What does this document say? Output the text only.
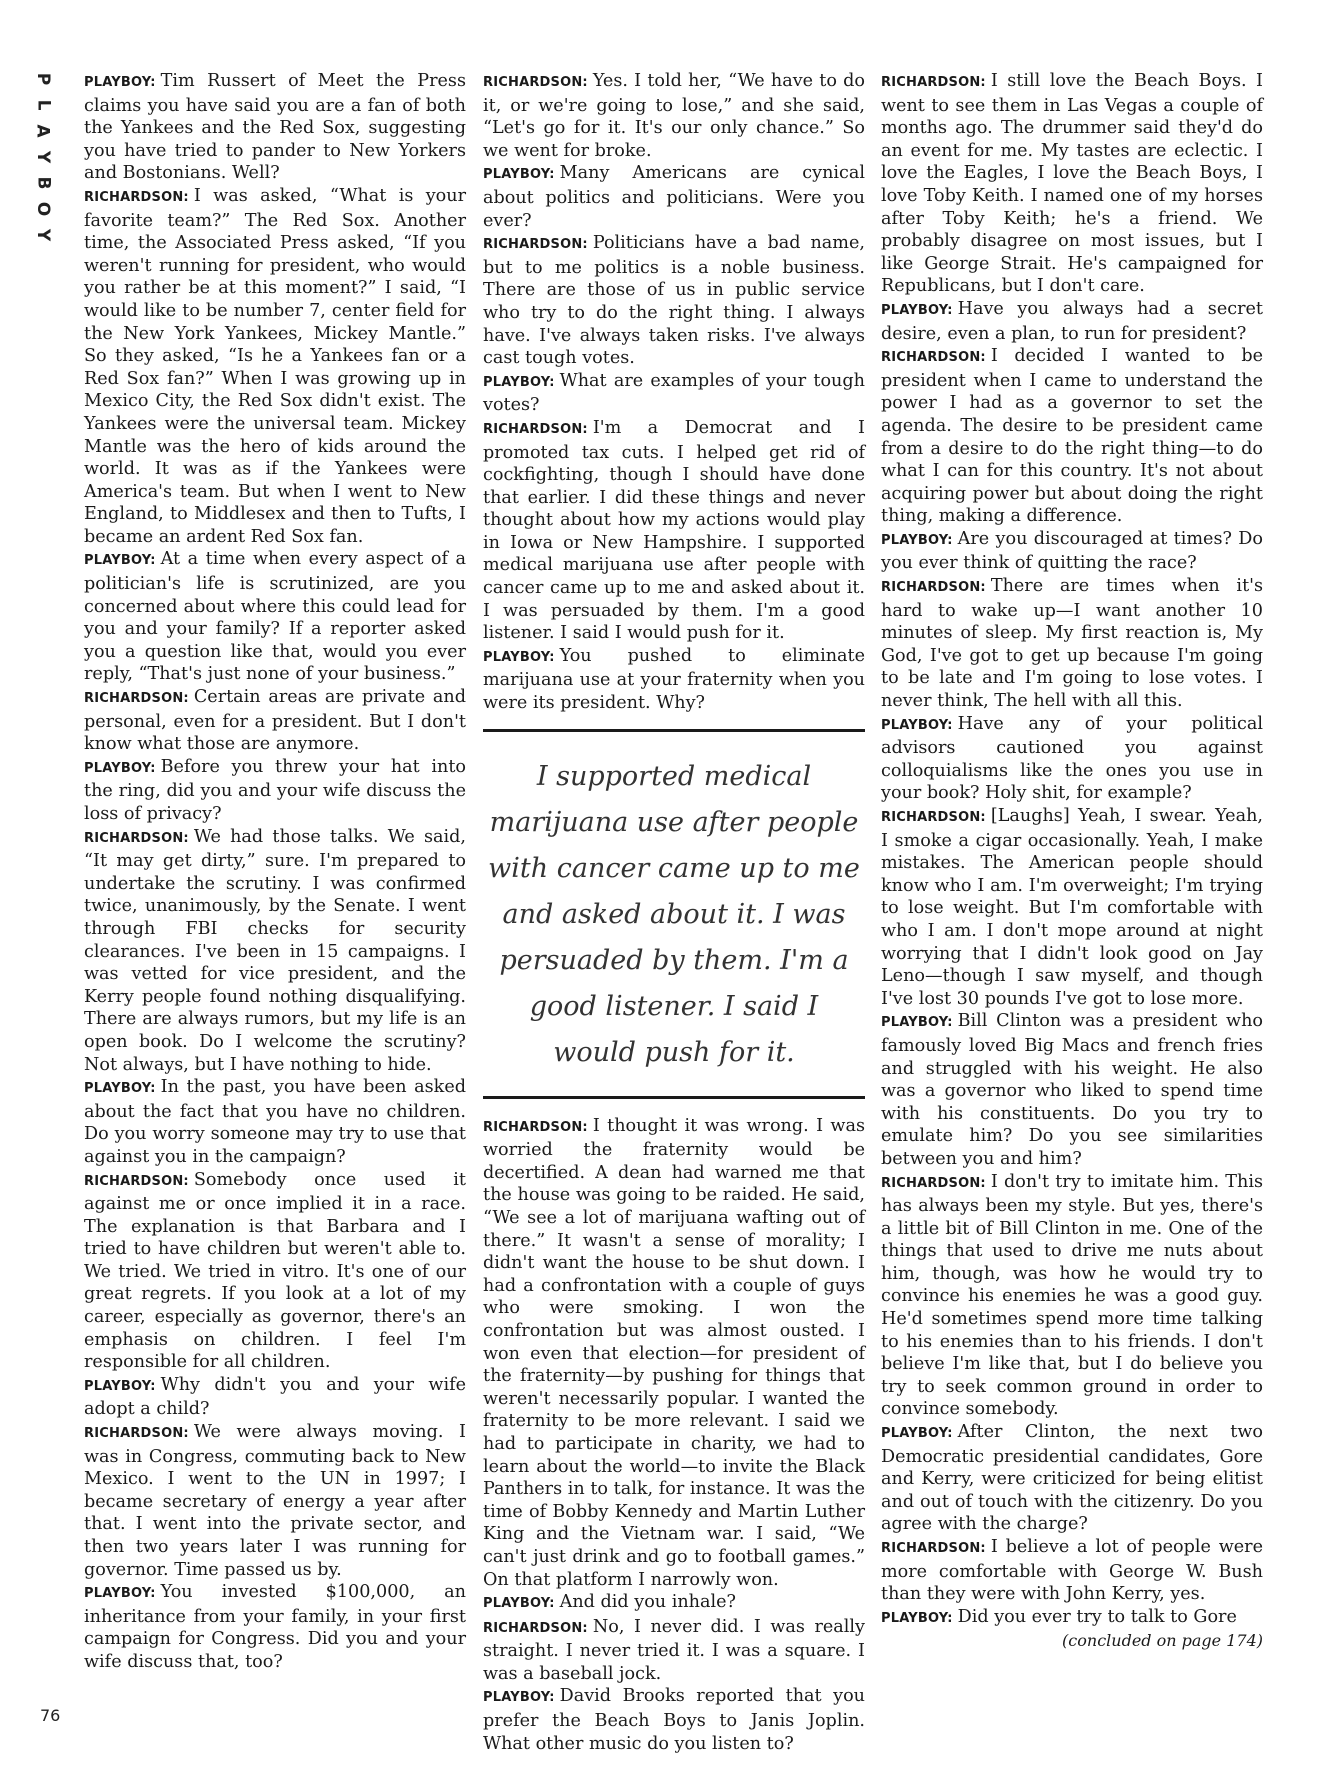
P
L
A
Y
B
O
Y

PLAYBOY: Tim Russert of Meet the Press claims you have said you are a fan of both the Yankees and the Red Sox, suggesting you have tried to pander to New Yorkers and Bostonians. Well?

RICHARDSON: I was asked, “What is your favorite team?” The Red Sox. Another time, the Associated Press asked, “If you weren't running for president, who would you rather be at this moment?” I said, “I would like to be number 7, center field for the New York Yankees, Mickey Mantle.” So they asked, “Is he a Yankees fan or a Red Sox fan?” When I was growing up in Mexico City, the Red Sox didn't exist. The Yankees were the universal team. Mickey Mantle was the hero of kids around the world. It was as if the Yankees were America's team. But when I went to New England, to Middlesex and then to Tufts, I became an ardent Red Sox fan.

PLAYBOY: At a time when every aspect of a politician's life is scrutinized, are you concerned about where this could lead for you and your family? If a reporter asked you a question like that, would you ever reply, “That's just none of your business.”

RICHARDSON: Certain areas are private and personal, even for a president. But I don't know what those are anymore.

PLAYBOY: Before you threw your hat into the ring, did you and your wife discuss the loss of privacy?

RICHARDSON: We had those talks. We said, “It may get dirty,” sure. I'm prepared to undertake the scrutiny. I was confirmed twice, unanimously, by the Senate. I went through FBI checks for security clearances. I've been in 15 campaigns. I was vetted for vice president, and the Kerry people found nothing disqualifying. There are always rumors, but my life is an open book. Do I welcome the scrutiny? Not always, but I have nothing to hide.

PLAYBOY: In the past, you have been asked about the fact that you have no children. Do you worry someone may try to use that against you in the campaign?

RICHARDSON: Somebody once used it against me or once implied it in a race. The explanation is that Barbara and I tried to have children but weren't able to. We tried. We tried in vitro. It's one of our great regrets. If you look at a lot of my career, especially as governor, there's an emphasis on children. I feel I'm responsible for all children.

PLAYBOY: Why didn't you and your wife adopt a child?

RICHARDSON: We were always moving. I was in Congress, commuting back to New Mexico. I went to the UN in 1997; I became secretary of energy a year after that. I went into the private sector, and then two years later I was running for governor. Time passed us by.

PLAYBOY: You invested $100,000, an inheritance from your family, in your first campaign for Congress. Did you and your wife discuss that, too?

RICHARDSON: Yes. I told her, “We have to do it, or we're going to lose,” and she said, “Let's go for it. It's our only chance.” So we went for broke.

PLAYBOY: Many Americans are cynical about politics and politicians. Were you ever?

RICHARDSON: Politicians have a bad name, but to me politics is a noble business. There are those of us in public service who try to do the right thing. I always have. I've always taken risks. I've always cast tough votes.

PLAYBOY: What are examples of your tough votes?

RICHARDSON: I'm a Democrat and I promoted tax cuts. I helped get rid of cockfighting, though I should have done that earlier. I did these things and never thought about how my actions would play in Iowa or New Hampshire. I supported medical marijuana use after people with cancer came up to me and asked about it. I was persuaded by them. I'm a good listener. I said I would push for it.

PLAYBOY: You pushed to eliminate marijuana use at your fraternity when you were its president. Why?

I supported medical marijuana use after people with cancer came up to me and asked about it. I was persuaded by them. I'm a good listener. I said I would push for it.

RICHARDSON: I thought it was wrong. I was worried the fraternity would be decertified. A dean had warned me that the house was going to be raided. He said, “We see a lot of marijuana wafting out of there.” It wasn't a sense of morality; I didn't want the house to be shut down. I had a confrontation with a couple of guys who were smoking. I won the confrontation but was almost ousted. I won even that election—for president of the fraternity—by pushing for things that weren't necessarily popular. I wanted the fraternity to be more relevant. I said we had to participate in charity, we had to learn about the world—to invite the Black Panthers in to talk, for instance. It was the time of Bobby Kennedy and Martin Luther King and the Vietnam war. I said, “We can't just drink and go to football games.” On that platform I narrowly won.

PLAYBOY: And did you inhale?

RICHARDSON: No, I never did. I was really straight. I never tried it. I was a square. I was a baseball jock.

PLAYBOY: David Brooks reported that you prefer the Beach Boys to Janis Joplin. What other music do you listen to?

RICHARDSON: I still love the Beach Boys. I went to see them in Las Vegas a couple of months ago. The drummer said they'd do an event for me. My tastes are eclectic. I love the Eagles, I love the Beach Boys, I love Toby Keith. I named one of my horses after Toby Keith; he's a friend. We probably disagree on most issues, but I like George Strait. He's campaigned for Republicans, but I don't care.

PLAYBOY: Have you always had a secret desire, even a plan, to run for president?

RICHARDSON: I decided I wanted to be president when I came to understand the power I had as a governor to set the agenda. The desire to be president came from a desire to do the right thing—to do what I can for this country. It's not about acquiring power but about doing the right thing, making a difference.

PLAYBOY: Are you discouraged at times? Do you ever think of quitting the race?

RICHARDSON: There are times when it's hard to wake up—I want another 10 minutes of sleep. My first reaction is, My God, I've got to get up because I'm going to be late and I'm going to lose votes. I never think, The hell with all this.

PLAYBOY: Have any of your political advisors cautioned you against colloquialisms like the ones you use in your book? Holy shit, for example?

RICHARDSON: [Laughs] Yeah, I swear. Yeah, I smoke a cigar occasionally. Yeah, I make mistakes. The American people should know who I am. I'm overweight; I'm trying to lose weight. But I'm comfortable with who I am. I don't mope around at night worrying that I didn't look good on Jay Leno—though I saw myself, and though I've lost 30 pounds I've got to lose more.

PLAYBOY: Bill Clinton was a president who famously loved Big Macs and french fries and struggled with his weight. He also was a governor who liked to spend time with his constituents. Do you try to emulate him? Do you see similarities between you and him?

RICHARDSON: I don't try to imitate him. This has always been my style. But yes, there's a little bit of Bill Clinton in me. One of the things that used to drive me nuts about him, though, was how he would try to convince his enemies he was a good guy. He'd sometimes spend more time talking to his enemies than to his friends. I don't believe I'm like that, but I do believe you try to seek common ground in order to convince somebody.

PLAYBOY: After Clinton, the next two Democratic presidential candidates, Gore and Kerry, were criticized for being elitist and out of touch with the citizenry. Do you agree with the charge?

RICHARDSON: I believe a lot of people were more comfortable with George W. Bush than they were with John Kerry, yes.

PLAYBOY: Did you ever try to talk to Gore

(concluded on page 174)

76
